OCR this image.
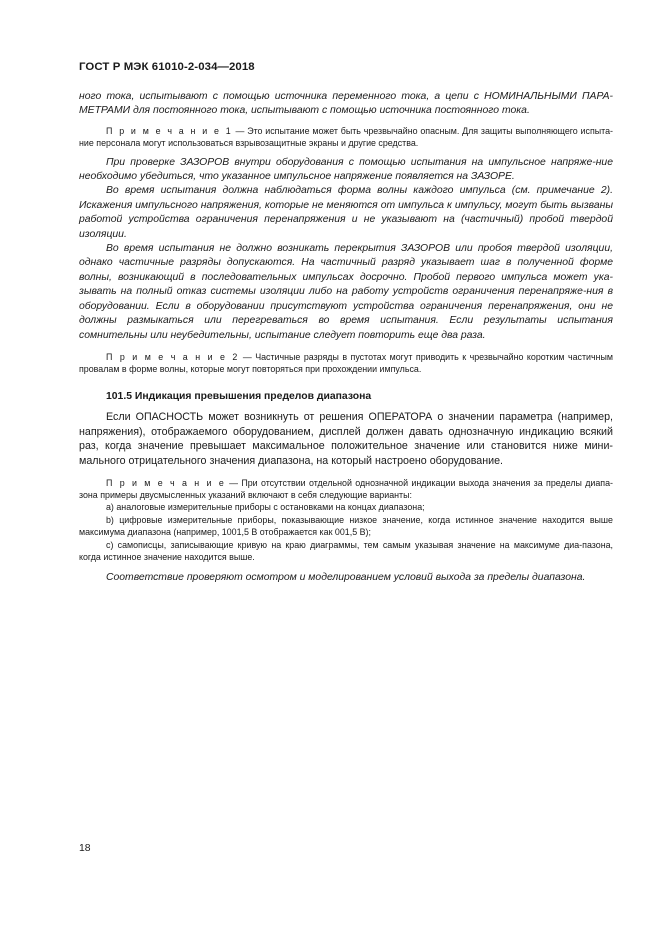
ГОСТ Р МЭК 61010-2-034—2018

ного тока, испытывают с помощью источника переменного тока, а цепи с НОМИНАЛЬНЫМИ ПАРА-МЕТРАМИ для постоянного тока, испытывают с помощью источника постоянного тока.

П р и м е ч а н и е 1 — Это испытание может быть чрезвычайно опасным. Для защиты выполняющего испыта-ние персонала могут использоваться взрывозащитные экраны и другие средства.

При проверке ЗАЗОРОВ внутри оборудования с помощью испытания на импульсное напряже-ние необходимо убедиться, что указанное импульсное напряжение появляется на ЗАЗОРЕ.

Во время испытания должна наблюдаться форма волны каждого импульса (см. примечание 2). Искажения импульсного напряжения, которые не меняются от импульса к импульсу, могут быть вызваны работой устройства ограничения перенапряжения и не указывают на (частичный) пробой твердой изоляции.

Во время испытания не должно возникать перекрытия ЗАЗОРОВ или пробоя твердой изоляции, однако частичные разряды допускаются. На частичный разряд указывает шаг в полученной форме волны, возникающий в последовательных импульсах досрочно. Пробой первого импульса может ука-зывать на полный отказ системы изоляции либо на работу устройств ограничения перенапряже-ния в оборудовании. Если в оборудовании присутствуют устройства ограничения перенапряжения, они не должны размыкаться или перегреваться во время испытания. Если результаты испытания сомнительны или неубедительны, испытание следует повторить еще два раза.

П р и м е ч а н и е 2 — Частичные разряды в пустотах могут приводить к чрезвычайно коротким частичным провалам в форме волны, которые могут повторяться при прохождении импульса.

101.5 Индикация превышения пределов диапазона

Если ОПАСНОСТЬ может возникнуть от решения ОПЕРАТОРА о значении параметра (например, напряжения), отображаемого оборудованием, дисплей должен давать однозначную индикацию всякий раз, когда значение превышает максимальное положительное значение или становится ниже мини-мального отрицательного значения диапазона, на который настроено оборудование.

П р и м е ч а н и е — При отсутствии отдельной однозначной индикации выхода значения за пределы диапа-зона примеры двусмысленных указаний включают в себя следующие варианты:

a) аналоговые измерительные приборы с остановками на концах диапазона;

b) цифровые измерительные приборы, показывающие низкое значение, когда истинное значение находится выше максимума диапазона (например, 1001,5 В отображается как 001,5 В);

c) самописцы, записывающие кривую на краю диаграммы, тем самым указывая значение на максимуме диа-пазона, когда истинное значение находится выше.

Соответствие проверяют осмотром и моделированием условий выхода за пределы диапазона.

18
